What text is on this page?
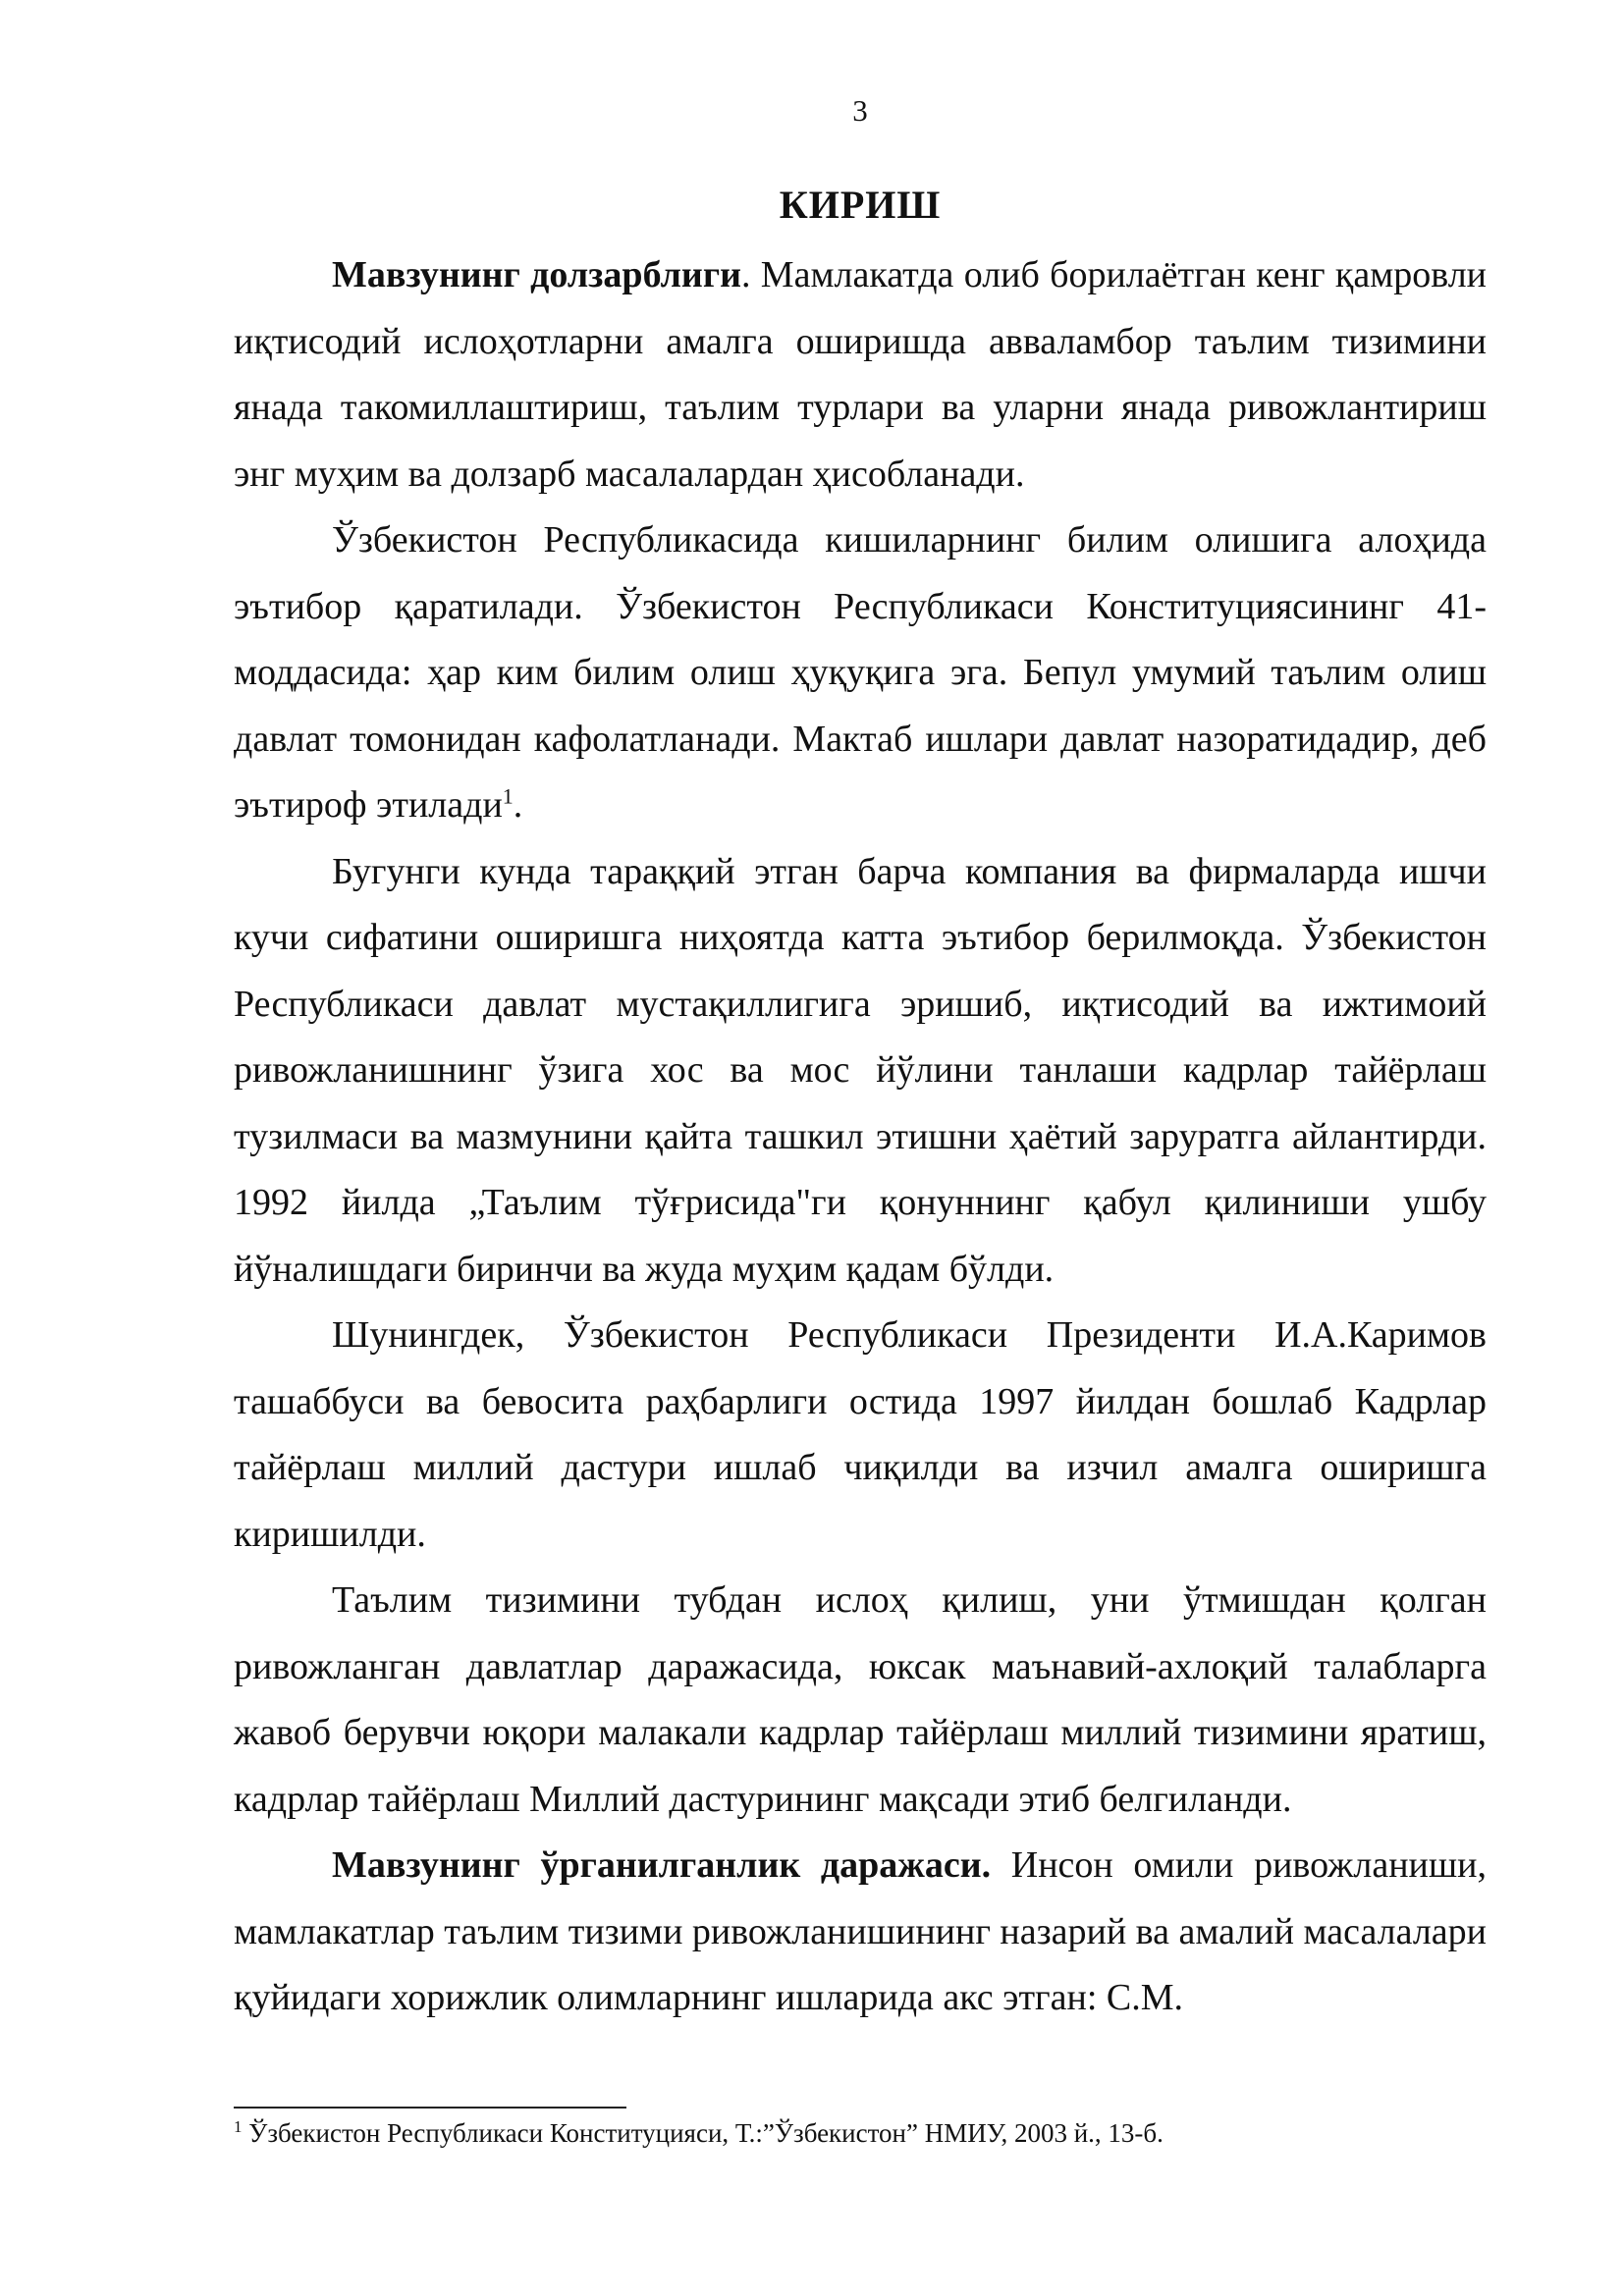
3
КИРИШ

Мавзунинг долзарблиги. Мамлакатда олиб борилаётган кенг қамровли иқтисодий ислоҳотларни амалга оширишда авваламбор таълим тизимини янада такомиллаштириш, таълим турлари ва уларни янада ривожлантириш энг муҳим ва долзарб масалалардан ҳисобланади.

Ўзбекистон Республикасида кишиларнинг билим олишига алоҳида эътибор қаратилади. Ўзбекистон Республикаси Конституциясининг 41-моддасида: ҳар ким билим олиш ҳуқуқига эга. Бепул умумий таълим олиш давлат томонидан кафолатланади. Мактаб ишлари давлат назоратидадир, деб эътироф этилади$^1$.

Бугунги кунда тараққий этган барча компания ва фирмаларда ишчи кучи сифатини оширишга ниҳоятда катта эътибор берилмоқда. Ўзбекистон Республикаси давлат мустақиллигига эришиб, иқтисодий ва ижтимоий ривожланишнинг ўзига хос ва мос йўлини танлаши кадрлар тайёрлаш тузилмаси ва мазмунини қайта ташкил этишни ҳаётий заруратга айлантирди. 1992 йилда „Таълим тўғрисида"ги қонуннинг қабул қилиниши ушбу йўналишдаги биринчи ва жуда муҳим қадам бўлди.

Шунингдек, Ўзбекистон Республикаси Президенти И.А.Каримов ташаббуси ва бевосита раҳбарлиги остида 1997 йилдан бошлаб Кадрлар тайёрлаш миллий дастури ишлаб чиқилди ва изчил амалга оширишга киришилди.

Таълим тизимини тубдан ислоҳ қилиш, уни ўтмишдан қолган ривожланган давлатлар даражасида, юксак маънавий-ахлоқий талабларга жавоб берувчи юқори малакали кадрлар тайёрлаш миллий тизимини яратиш, кадрлар тайёрлаш Миллий дастурининг мақсади этиб белгиланди.

Мавзунинг ўрганилганлик даражаси. Инсон омили ривожланиши, мамлакатлар таълим тизими ривожланишининг назарий ва амалий масалалари қуйидаги хорижлик олимларнинг ишларида акс этган: С.М.

$^1$ Ўзбекистон Республикаси Конституцияси, Т.:”Ўзбекистон” НМИУ, 2003 й., 13-б.
